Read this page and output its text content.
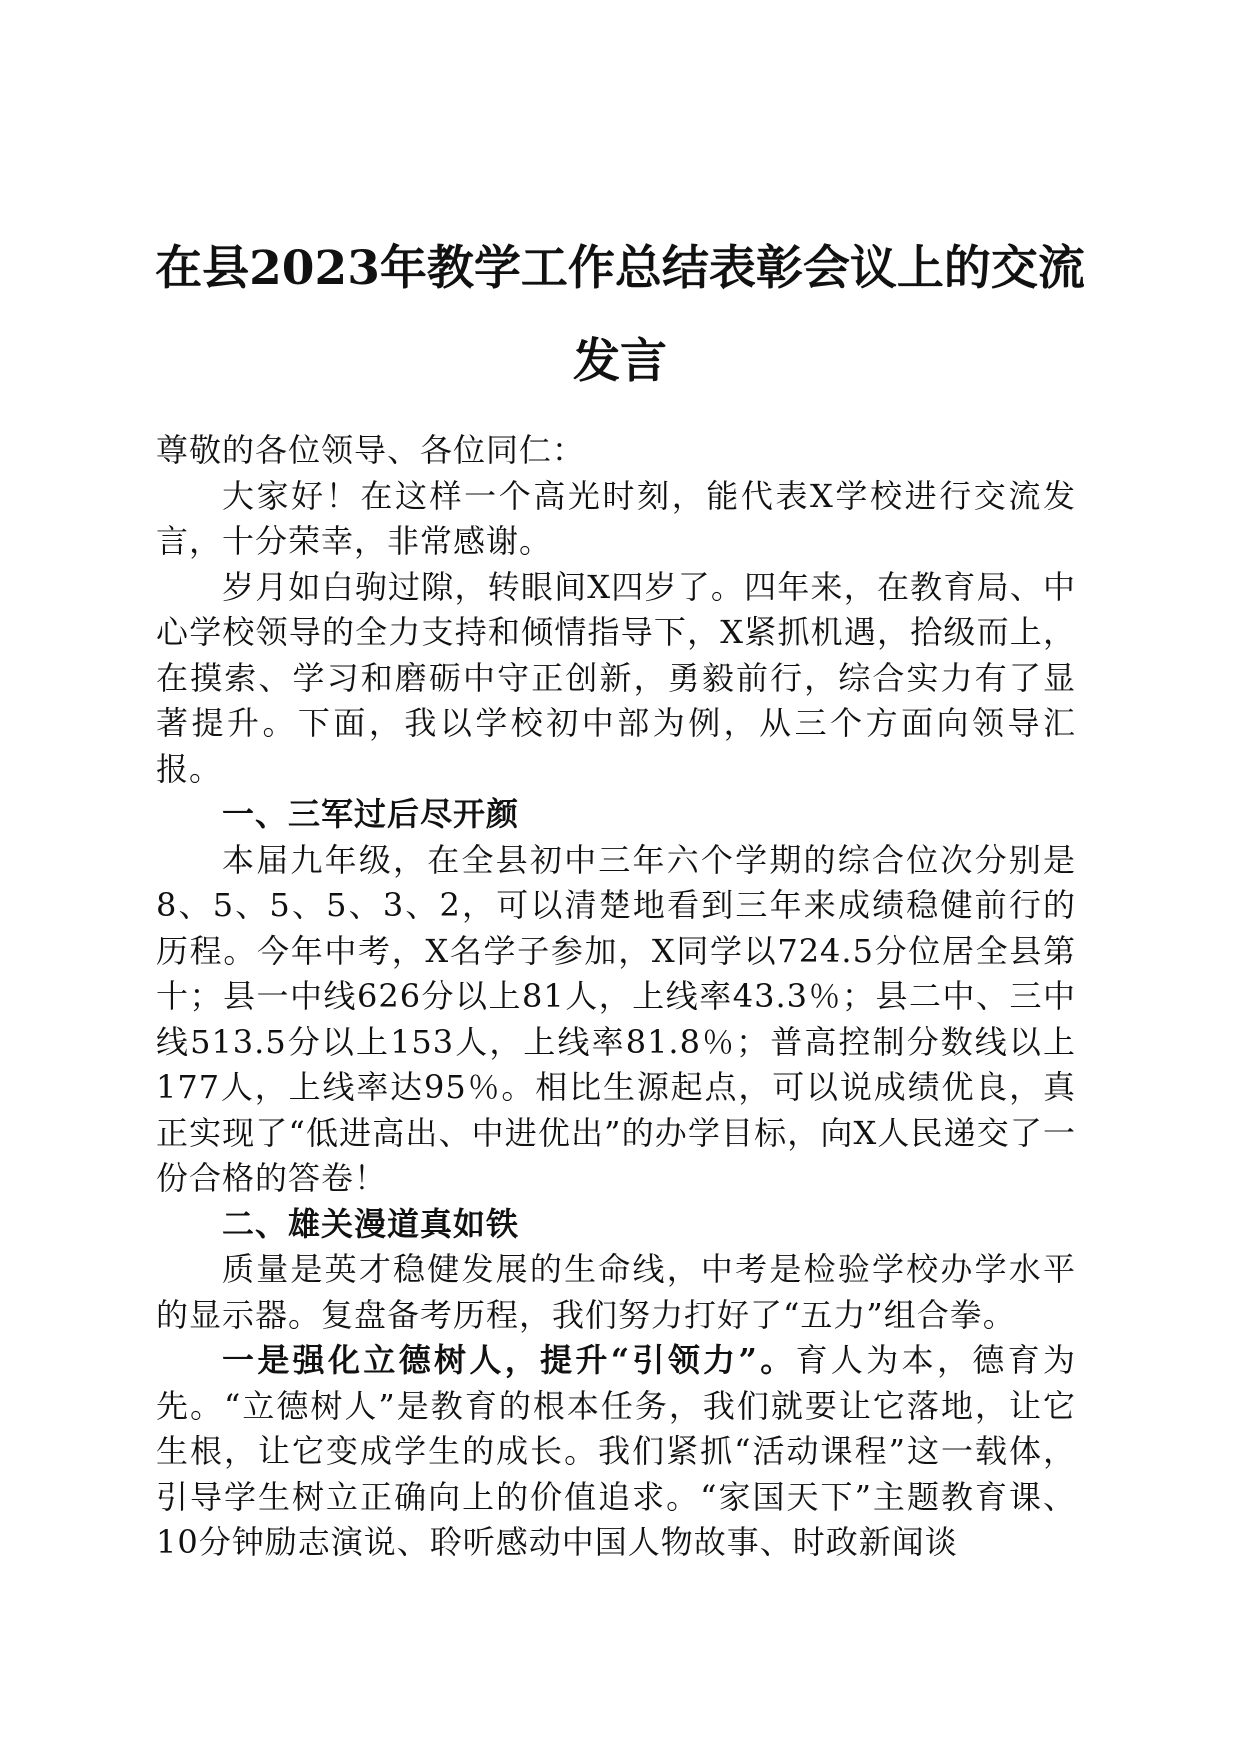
在县2023年教学工作总结表彰会议上的交流发言

尊敬的各位领导、各位同仁：

大家好！在这样一个高光时刻，能代表X学校进行交流发言，十分荣幸，非常感谢。

岁月如白驹过隙，转眼间X四岁了。四年来，在教育局、中心学校领导的全力支持和倾情指导下，X紧抓机遇，拾级而上，在摸索、学习和磨砺中守正创新，勇毅前行，综合实力有了显著提升。下面，我以学校初中部为例，从三个方面向领导汇报。

一、三军过后尽开颜

本届九年级，在全县初中三年六个学期的综合位次分别是8、5、5、5、3、2，可以清楚地看到三年来成绩稳健前行的历程。今年中考，X名学子参加，X同学以724.5分位居全县第十；县一中线626分以上81人，上线率43.3％；县二中、三中线513.5分以上153人，上线率81.8％；普高控制分数线以上177人，上线率达95％。相比生源起点，可以说成绩优良，真正实现了“低进高出、中进优出”的办学目标，向X人民递交了一份合格的答卷！

二、雄关漫道真如铁

质量是英才稳健发展的生命线，中考是检验学校办学水平的显示器。复盘备考历程，我们努力打好了“五力”组合拳。

一是强化立德树人，提升“引领力”。育人为本，德育为先。“立德树人”是教育的根本任务，我们就要让它落地，让它生根，让它变成学生的成长。我们紧抓“活动课程”这一载体，引导学生树立正确向上的价值追求。“家国天下”主题教育课、10分钟励志演说、聆听感动中国人物故事、时政新闻谈
